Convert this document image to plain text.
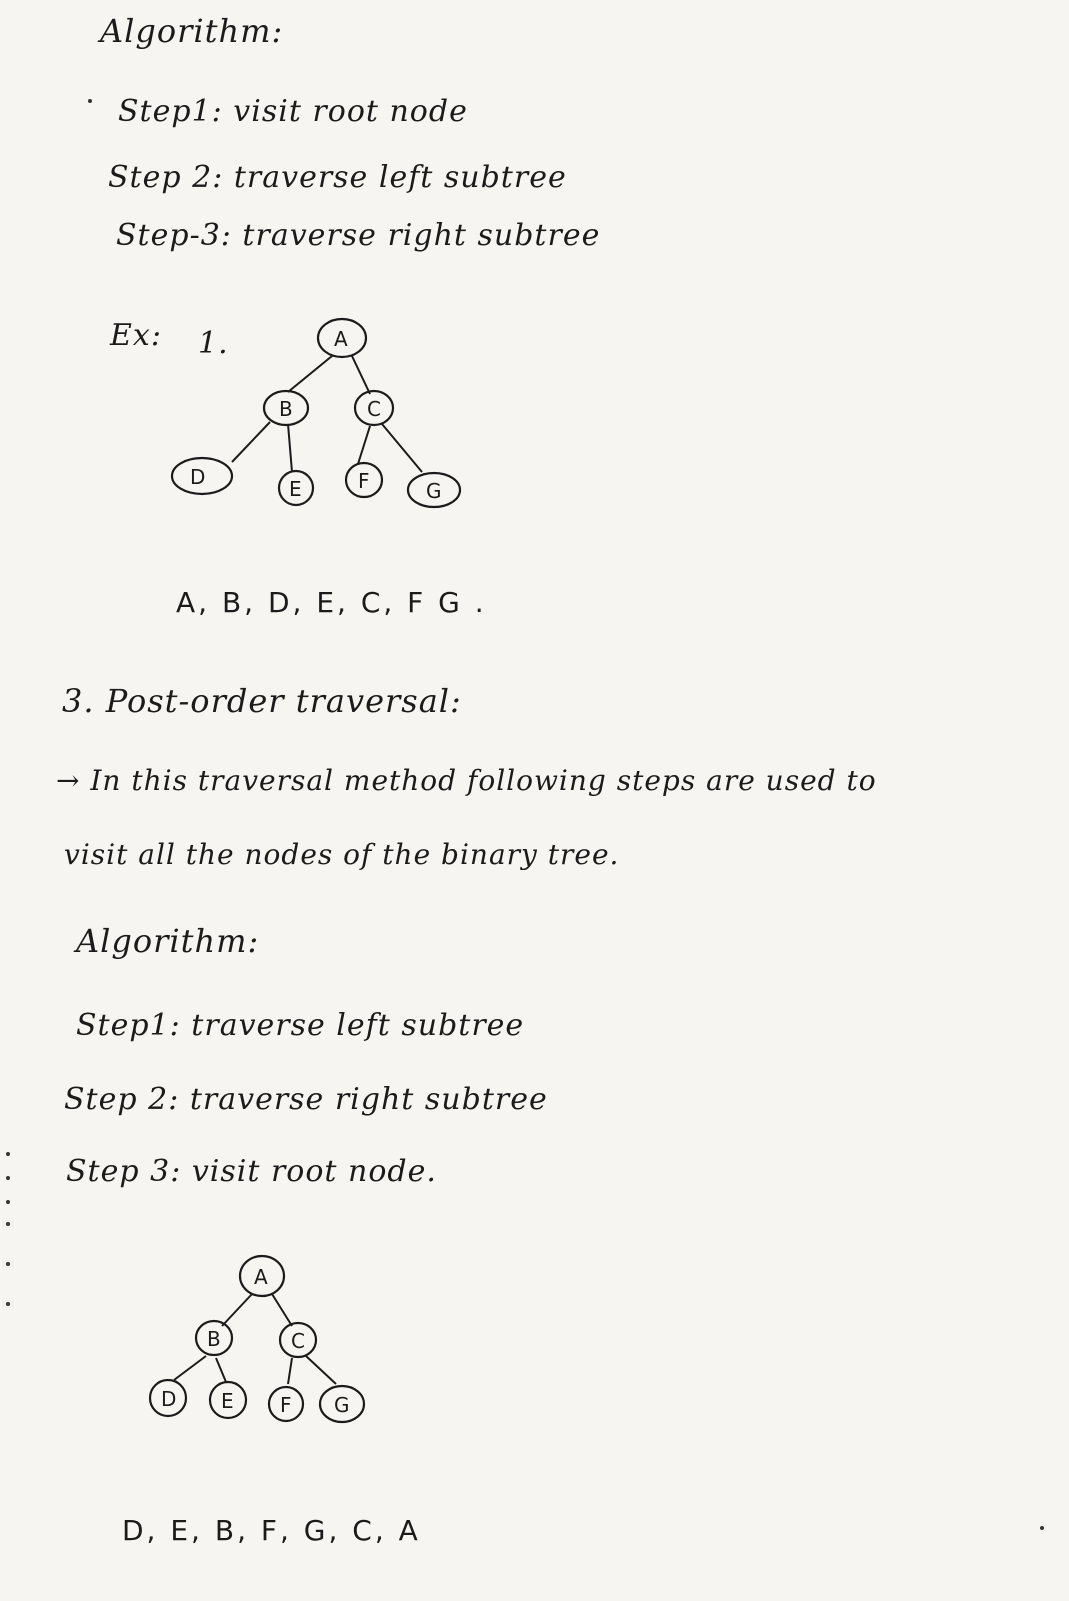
Algorithm:
Step1: visit root node
Step 2: traverse left subtree
Step-3: traverse right subtree
Ex: 1.	A
B	C
D	E	F	G
A, B, D, E, C, F G .
3. Post-order traversal:
→ In this traversal method following steps are used to
visit all the nodes of the binary tree.
Algorithm:
Step1: traverse left subtree
Step 2: traverse right subtree
Step 3: visit root node.
A
B	C
D E F G
D, E, B, F, G, C, A
